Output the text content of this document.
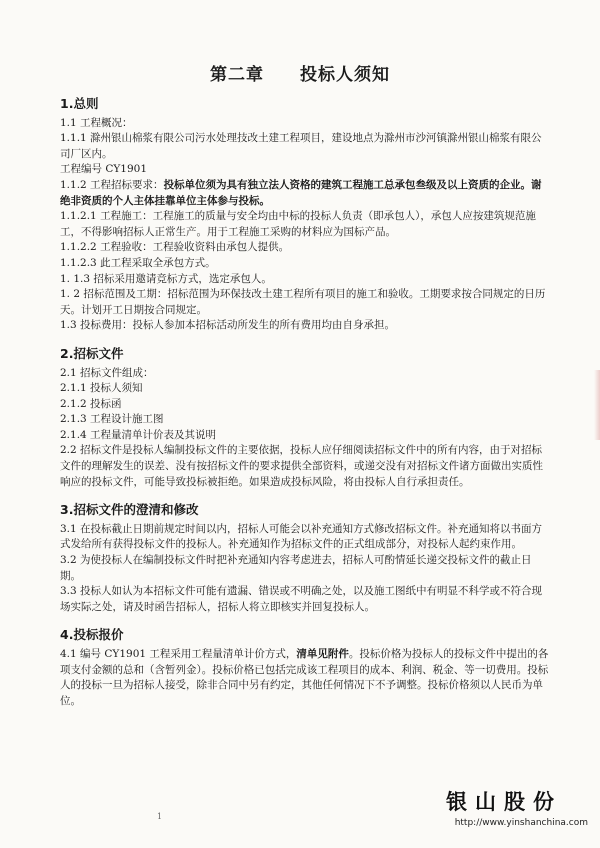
第二章 投标人须知
1.总则

1.1 工程概况：

1.1.1 滁州银山棉浆有限公司污水处理技改土建工程项目，建设地点为滁州市沙河镇滁州银山棉浆有限公司厂区内。

工程编号 CY1901

1.1.2 工程招标要求：投标单位须为具有独立法人资格的建筑工程施工总承包叁级及以上资质的企业。谢绝非资质的个人主体挂靠单位主体参与投标。

1.1.2.1 工程施工：工程施工的质量与安全均由中标的投标人负责（即承包人），承包人应按建筑规范施工，不得影响招标人正常生产。用于工程施工采购的材料应为国标产品。

1.1.2.2 工程验收：工程验收资料由承包人提供。

1.1.2.3 此工程采取全承包方式。

1. 1.3 招标采用邀请竞标方式，选定承包人。

1. 2 招标范围及工期：招标范围为环保技改土建工程所有项目的施工和验收。工期要求按合同规定的日历天。计划开工日期按合同规定。

1.3 投标费用：投标人参加本招标活动所发生的所有费用均由自身承担。

2.招标文件

2.1 招标文件组成：

2.1.1 投标人须知

2.1.2 投标函

2.1.3 工程设计施工图

2.1.4 工程量清单计价表及其说明

2.2 招标文件是投标人编制投标文件的主要依据，投标人应仔细阅读招标文件中的所有内容，由于对招标文件的理解发生的误差、没有按招标文件的要求提供全部资料，或递交没有对招标文件诸方面做出实质性响应的投标文件，可能导致投标被拒绝。如果造成投标风险，将由投标人自行承担责任。

3.招标文件的澄清和修改

3.1 在投标截止日期前规定时间以内，招标人可能会以补充通知方式修改招标文件。补充通知将以书面方式发给所有获得投标文件的投标人。补充通知作为招标文件的正式组成部分，对投标人起约束作用。

3.2 为使投标人在编制投标文件时把补充通知内容考虑进去，招标人可酌情延长递交投标文件的截止日期。

3.3 投标人如认为本招标文件可能有遗漏、错误或不明确之处，以及施工图纸中有明显不科学或不符合现场实际之处，请及时函告招标人，招标人将立即核实并回复投标人。

4.投标报价

4.1 编号 CY1901 工程采用工程量清单计价方式，清单见附件。投标价格为投标人的投标文件中提出的各项支付金额的总和（含暂列金）。投标价格已包括完成该工程项目的成本、利润、税金、等一切费用。投标人的投标一旦为招标人接受，除非合同中另有约定，其他任何情况下不予调整。投标价格须以人民币为单位。

1
银山股份
http://www.yinshanchina.com
